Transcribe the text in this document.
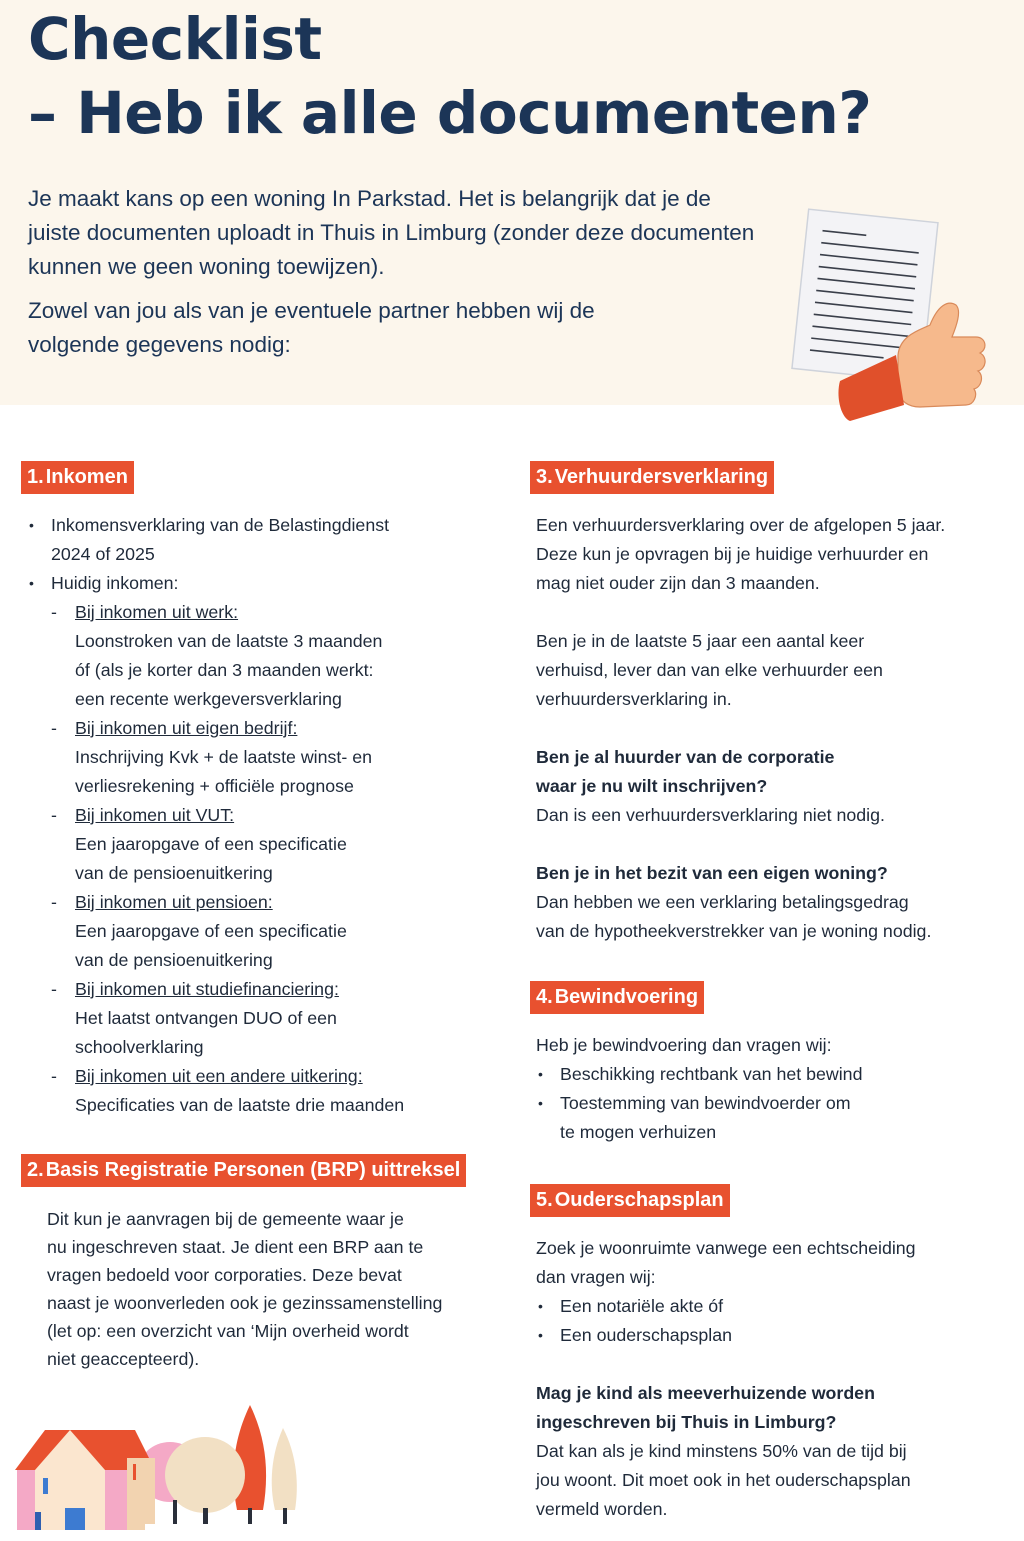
Checklist
– Heb ik alle documenten?

Je maakt kans op een woning In Parkstad. Het is belangrijk dat je de juiste documenten uploadt in Thuis in Limburg (zonder deze documenten kunnen we geen woning toewijzen).

Zowel van jou als van je eventuele partner hebben wij de volgende gegevens nodig:

1. Inkomen
• Inkomensverklaring van de Belastingdienst
2024 of 2025
• Huidig inkomen:
- Bij inkomen uit werk:
Loonstroken van de laatste 3 maanden
óf (als je korter dan 3 maanden werkt:
een recente werkgeversverklaring
- Bij inkomen uit eigen bedrijf:
Inschrijving Kvk + de laatste winst- en
verliesrekening + officiële prognose
- Bij inkomen uit VUT:
Een jaaropgave of een specificatie
van de pensioenuitkering
- Bij inkomen uit pensioen:
Een jaaropgave of een specificatie
van de pensioenuitkering
- Bij inkomen uit studiefinanciering:
Het laatst ontvangen DUO of een
schoolverklaring
- Bij inkomen uit een andere uitkering:
Specificaties van de laatste drie maanden
2. Basis Registratie Personen (BRP) uittreksel

Dit kun je aanvragen bij de gemeente waar je

nu ingeschreven staat. Je dient een BRP aan te

vragen bedoeld voor corporaties. Deze bevat

naast je woonverleden ook je gezinssamenstelling

(let op: een overzicht van ‘Mijn overheid wordt

niet geaccepteerd).

3. Verhuurdersverklaring

Een verhuurdersverklaring over de afgelopen 5 jaar.

Deze kun je opvragen bij je huidige verhuurder en

mag niet ouder zijn dan 3 maanden.

Ben je in de laatste 5 jaar een aantal keer

verhuisd, lever dan van elke verhuurder een

verhuurdersverklaring in.

Ben je al huurder van de corporatie

waar je nu wilt inschrijven?

Dan is een verhuurdersverklaring niet nodig.

Ben je in het bezit van een eigen woning?

Dan hebben we een verklaring betalingsgedrag

van de hypotheekverstrekker van je woning nodig.

4. Bewindvoering

Heb je bewindvoering dan vragen wij:

• Beschikking rechtbank van het bewind
• Toestemming van bewindvoerder om
te mogen verhuizen
5. Ouderschapsplan

Zoek je woonruimte vanwege een echtscheiding

dan vragen wij:

• Een notariële akte óf
• Een ouderschapsplan

Mag je kind als meeverhuizende worden

ingeschreven bij Thuis in Limburg?

Dat kan als je kind minstens 50% van de tijd bij

jou woont. Dit moet ook in het ouderschapsplan

vermeld worden.
